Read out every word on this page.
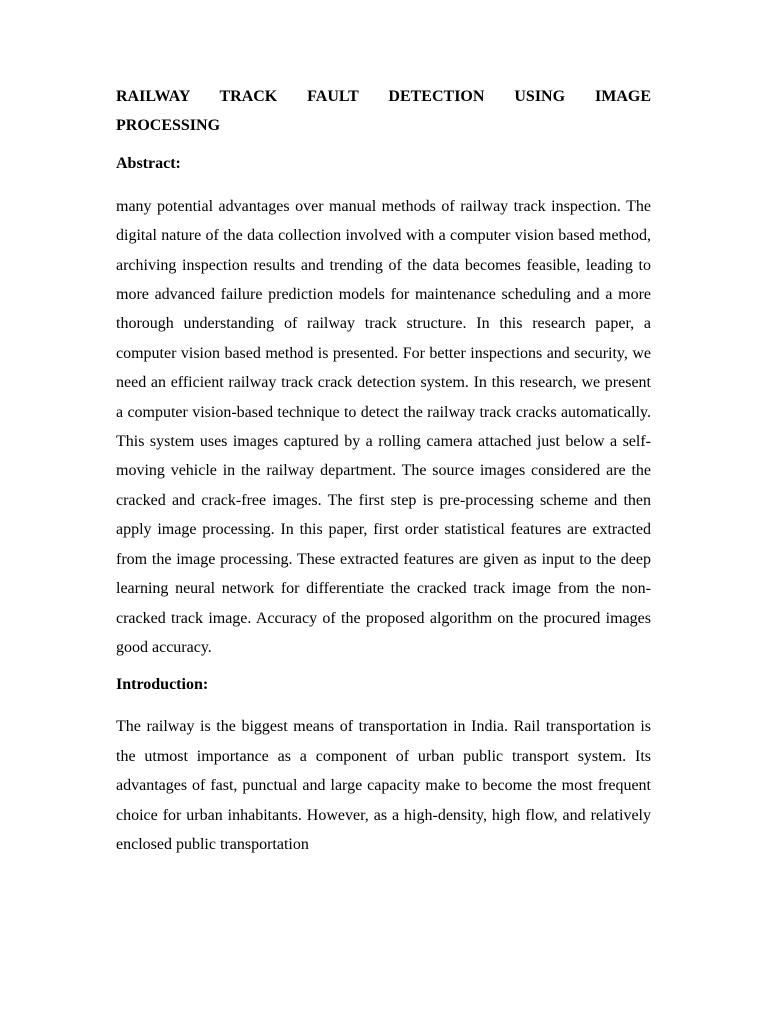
RAILWAY TRACK FAULT DETECTION USING IMAGE PROCESSING
Abstract:

many potential advantages over manual methods of railway track inspection. The digital nature of the data collection involved with a computer vision based method, archiving inspection results and trending of the data becomes feasible, leading to more advanced failure prediction models for maintenance scheduling and a more thorough understanding of railway track structure. In this research paper, a computer vision based method is presented. For better inspections and security, we need an efficient railway track crack detection system. In this research, we present a computer vision-based technique to detect the railway track cracks automatically. This system uses images captured by a rolling camera attached just below a self-moving vehicle in the railway department. The source images considered are the cracked and crack-free images. The first step is pre-processing scheme and then apply image processing. In this paper, first order statistical features are extracted from the image processing. These extracted features are given as input to the deep learning neural network for differentiate the cracked track image from the non-cracked track image. Accuracy of the proposed algorithm on the procured images good accuracy.

Introduction:

The railway is the biggest means of transportation in India. Rail transportation is the utmost importance as a component of urban public transport system. Its advantages of fast, punctual and large capacity make to become the most frequent choice for urban inhabitants. However, as a high-density, high flow, and relatively enclosed public transportation
